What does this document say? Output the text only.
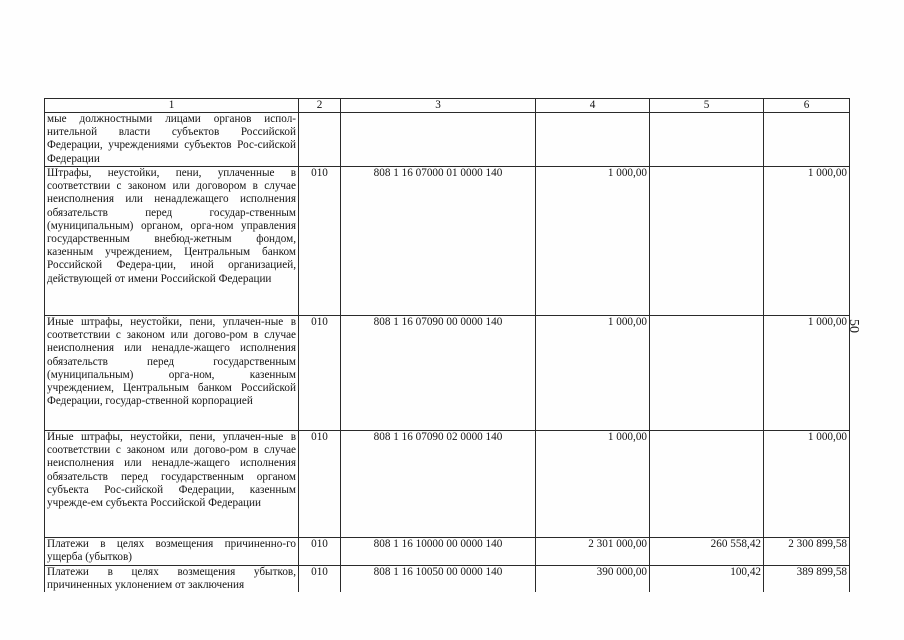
1	2	3	4	5	6
мые должностными лицами органов испол-нительной власти субъектов Российской Федерации, учреждениями субъектов Рос-сийской Федерации					
Штрафы, неустойки, пени, уплаченные в соответствии с законом или договором в случае неисполнения или ненадлежащего исполнения обязательств перед государ-ственным (муниципальным) органом, орга-ном управления государственным внебюд-жетным фондом, казенным учреждением, Центральным банком Российской Федера-ции, иной организацией, действующей от имени Российской Федерации	010	808 1 16 07000 01 0000 140	1 000,00		1 000,00
Иные штрафы, неустойки, пени, уплачен-ные в соответствии с законом или догово-ром в случае неисполнения или ненадле-жащего исполнения обязательств перед государственным (муниципальным) орга-ном, казенным учреждением, Центральным банком Российской Федерации, государ-ственной корпорацией	010	808 1 16 07090 00 0000 140	1 000,00		1 000,00
Иные штрафы, неустойки, пени, уплачен-ные в соответствии с законом или догово-ром в случае неисполнения или ненадле-жащего исполнения обязательств перед государственным органом субъекта Рос-сийской Федерации, казенным учрежде-ем субъекта Российской Федерации	010	808 1 16 07090 02 0000 140	1 000,00		1 000,00
Платежи в целях возмещения причиненно-го ущерба (убытков)	010	808 1 16 10000 00 0000 140	2 301 000,00	260 558,42	2 300 899,58
Платежи в целях возмещения убытков, причиненных уклонением от заключения	010	808 1 16 10050 00 0000 140	390 000,00	100,42	389 899,58
50
